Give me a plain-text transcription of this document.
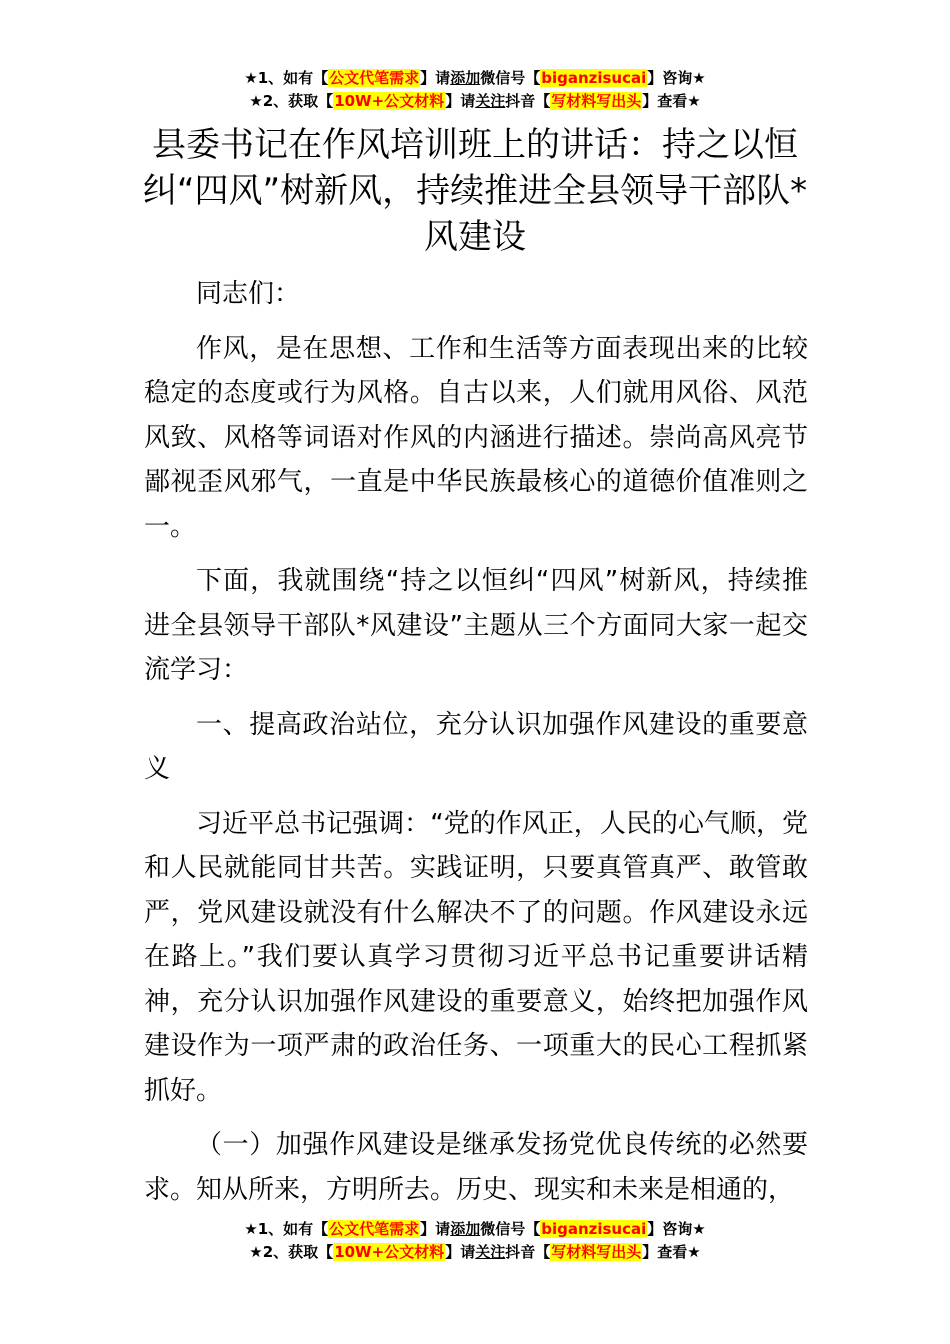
★1、如有【公文代笔需求】请添加微信号【biganzisucai】咨询★
★2、获取【10W+公文材料】请关注抖音【写材料写出头】查看★
县委书记在作风培训班上的讲话：持之以恒纠“四风”树新风，持续推进全县领导干部队*风建设

同志们：

作风，是在思想、工作和生活等方面表现出来的比较稳定的态度或行为风格。自古以来，人们就用风俗、风范风致、风格等词语对作风的内涵进行描述。崇尚高风亮节鄙视歪风邪气，一直是中华民族最核心的道德价值准则之一。

下面，我就围绕“持之以恒纠“四风”树新风，持续推进全县领导干部队*风建设”主题从三个方面同大家一起交流学习：

一、提高政治站位，充分认识加强作风建设的重要意义

习近平总书记强调：“党的作风正，人民的心气顺，党和人民就能同甘共苦。实践证明，只要真管真严、敢管敢严，党风建设就没有什么解决不了的问题。作风建设永远在路上。”我们要认真学习贯彻习近平总书记重要讲话精神，充分认识加强作风建设的重要意义，始终把加强作风建设作为一项严肃的政治任务、一项重大的民心工程抓紧抓好。

（一）加强作风建设是继承发扬党优良传统的必然要求。知从所来，方明所去。历史、现实和未来是相通的，

★1、如有【公文代笔需求】请添加微信号【biganzisucai】咨询★
★2、获取【10W+公文材料】请关注抖音【写材料写出头】查看★
